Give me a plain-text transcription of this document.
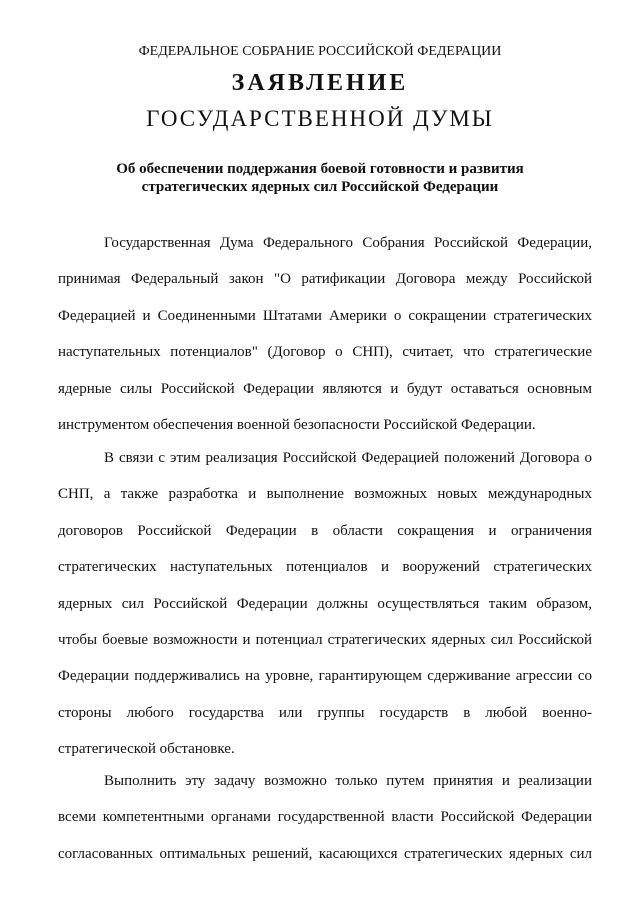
ФЕДЕРАЛЬНОЕ СОБРАНИЕ РОССИЙСКОЙ ФЕДЕРАЦИИ
ЗАЯВЛЕНИЕ
ГОСУДАРСТВЕННОЙ ДУМЫ
Об обеспечении поддержания боевой готовности и развития
стратегических ядерных сил Российской Федерации
Государственная Дума Федерального Собрания Российской Федерации,
принимая Федеральный закон "О ратификации Договора между Российской
Федерацией и Соединенными Штатами Америки о сокращении стратегических
наступательных потенциалов" (Договор о СНП), считает, что стратегические
ядерные силы Российской Федерации являются и будут оставаться основным
инструментом обеспечения военной безопасности Российской Федерации.
В связи с этим реализация Российской Федерацией положений Договора о
СНП, а также разработка и выполнение возможных новых международных
договоров Российской Федерации в области сокращения и ограничения
стратегических наступательных потенциалов и вооружений стратегических
ядерных сил Российской Федерации должны осуществляться таким образом,
чтобы боевые возможности и потенциал стратегических ядерных сил Российской
Федерации поддерживались на уровне, гарантирующем сдерживание агрессии со
стороны любого государства или группы государств в любой военно-
стратегической обстановке.
Выполнить эту задачу возможно только путем принятия и реализации
всеми компетентными органами государственной власти Российской Федерации
согласованных оптимальных решений, касающихся стратегических ядерных сил
